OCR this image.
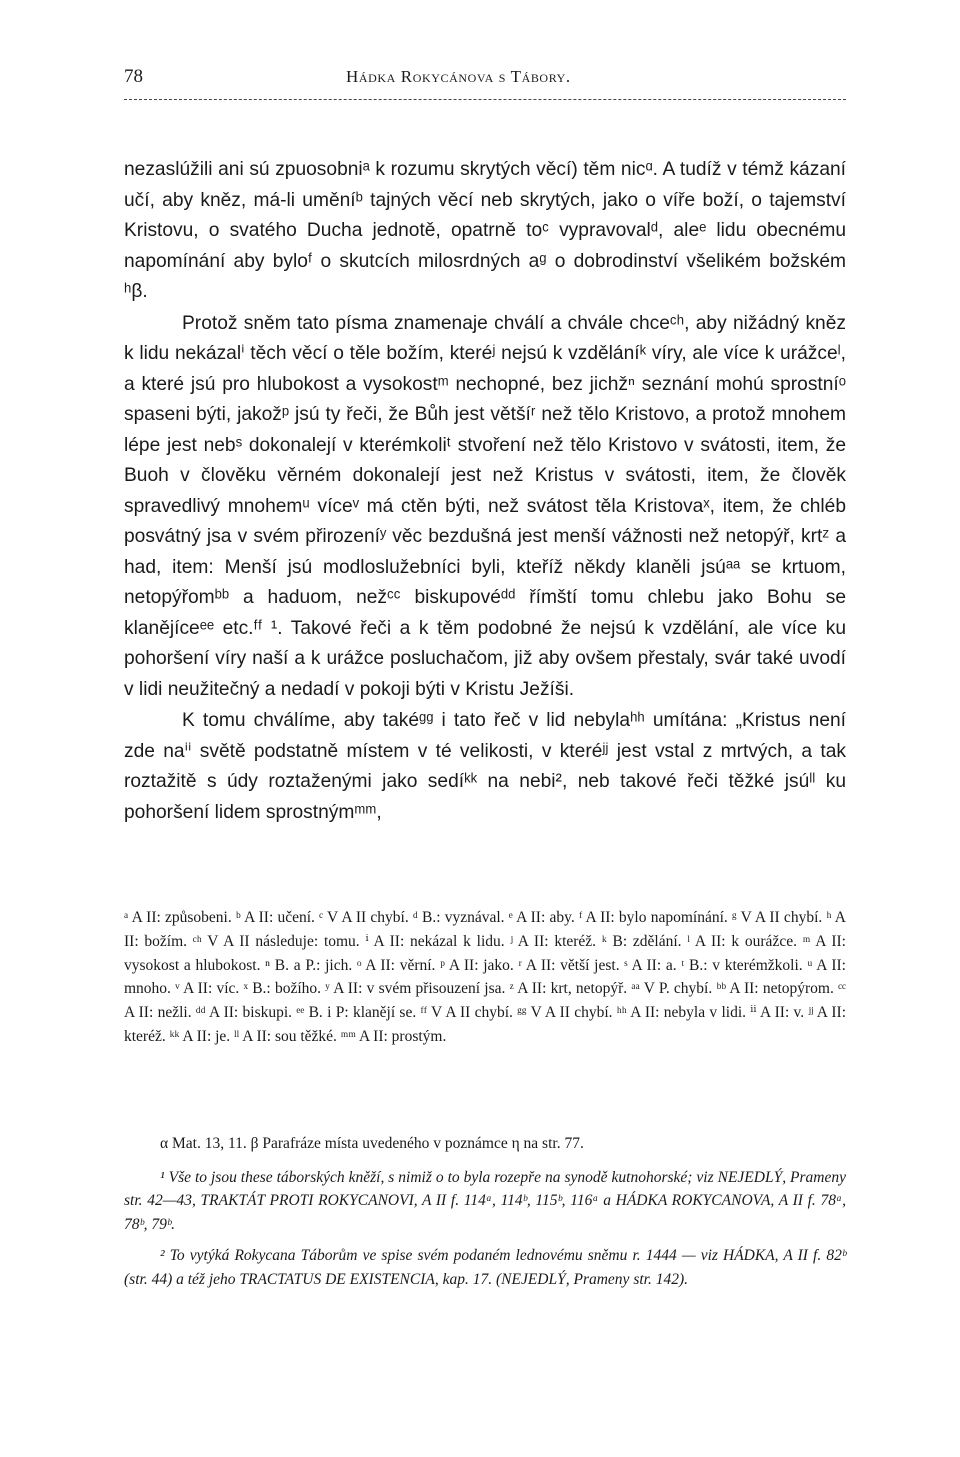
78	Hádka Rokycánova s Tábory.

nezaslúžili ani sú zpuosobniᵃ k rozumu skrytých věcí) těm nicᵅ. A tudíž v témž kázaní učí, aby kněz, má-li uměníᵇ tajných věcí neb skrytých, jako o víře boží, o tajemství Kristovu, o svatého Ducha jednotě, opatrně toᶜ vypravovalᵈ, aleᵉ lidu obecnému napomínání aby byloᶠ o skutcích milosrdných aᵍ o dobrodinství všelikém božském ʰβ.

Protož sněm tato písma znamenaje chválí a chvále chceᶜʰ, aby nižádný kněz k lidu nekázalⁱ těch věcí o těle božím, kteréʲ nejsú k vzděláníᵏ víry, ale více k urážceˡ, a které jsú pro hlubokost a vysokostᵐ nechopné, bez jichžⁿ seznání mohú sprostníᵒ spaseni býti, jakožᵖ jsú ty řeči, že Bůh jest většíʳ než tělo Kristovo, a protož mnohem lépe jest nebˢ dokonalejí v kterémkoliᵗ stvoření než tělo Kristovo v svátosti, item, že Buoh v člověku věrném dokonalejí jest než Kristus v svátosti, item, že člověk spravedlivý mnohemᵘ víceᵛ má ctěn býti, než svátost těla Kristovaˣ, item, že chléb posvátný jsa v svém přirozeníʸ věc bezdušná jest menší vážnosti než netopýř, krtᶻ a had, item: Menší jsú modloslužebníci byli, kteříž někdy klaněli jsúᵃᵃ se krtuom, netopýřomᵇᵇ a haduom, nežᶜᶜ biskupovéᵈᵈ římští tomu chlebu jako Bohu se klanějíceᵉᵉ etc.ᶠᶠ ¹. Takové řeči a k těm podobné že nejsú k vzdělání, ale více ku pohoršení víry naší a k urážce posluchačom, již aby ovšem přestaly, svár také uvodí v lidi neužitečný a nedadí v pokoji býti v Kristu Ježíši.

K tomu chválíme, aby takéᵍᵍ i tato řeč v lid nebylaʰʰ umítána: „Kristus není zde naⁱⁱ světě podstatně místem v té velikosti, v kteréʲʲ jest vstal z mrtvých, a tak roztažitě s údy roztaženými jako sedíᵏᵏ na nebi², neb takové řeči těžké jsúˡˡ ku pohoršení lidem sprostnýmᵐᵐ,

ᵃ A II: způsobeni. ᵇ A II: učení. ᶜ V A II chybí. ᵈ B.: vyznával. ᵉ A II: aby. ᶠ A II: bylo napomínání. ᵍ V A II chybí. ʰ A II: božím. ᶜʰ V A II následuje: tomu. ⁱ A II: nekázal k lidu. ʲ A II: kteréž. ᵏ B: zdělání. ˡ A II: k ourážce. ᵐ A II: vysokost a hlubokost. ⁿ B. a P.: jich. ᵒ A II: věrní. ᵖ A II: jako. ʳ A II: větší jest. ˢ A II: a. ᵗ B.: v kterémžkoli. ᵘ A II: mnoho. ᵛ A II: víc. ˣ B.: božího. ʸ A II: v svém přisouzení jsa. ᶻ A II: krt, netopýř. ᵃᵃ V P. chybí. ᵇᵇ A II: netopýrom. ᶜᶜ A II: nežli. ᵈᵈ A II: biskupi. ᵉᵉ B. i P: klanějí se. ᶠᶠ V A II chybí. ᵍᵍ V A II chybí. ʰʰ A II: nebyla v lidi. ⁱⁱ A II: v. ʲʲ A II: kteréž. ᵏᵏ A II: je. ˡˡ A II: sou těžké. ᵐᵐ A II: prostým.

α Mat. 13, 11. β Parafráze místa uvedeného v poznámce η na str. 77.

¹ Vše to jsou these táborských kněží, s nimiž o to byla rozepře na synodě kutnohorské; viz NEJEDLÝ, Prameny str. 42—43, TRAKTÁT PROTI ROKYCANOVI, A II f. 114ᵃ, 114ᵇ, 115ᵇ, 116ᵃ a HÁDKA ROKYCANOVA, A II f. 78ᵃ, 78ᵇ, 79ᵇ.

² To vytýká Rokycana Táborům ve spise svém podaném lednovému sněmu r. 1444 — viz HÁDKA, A II f. 82ᵇ (str. 44) a též jeho TRACTATUS DE EXISTENCIA, kap. 17. (NEJEDLÝ, Prameny str. 142).
